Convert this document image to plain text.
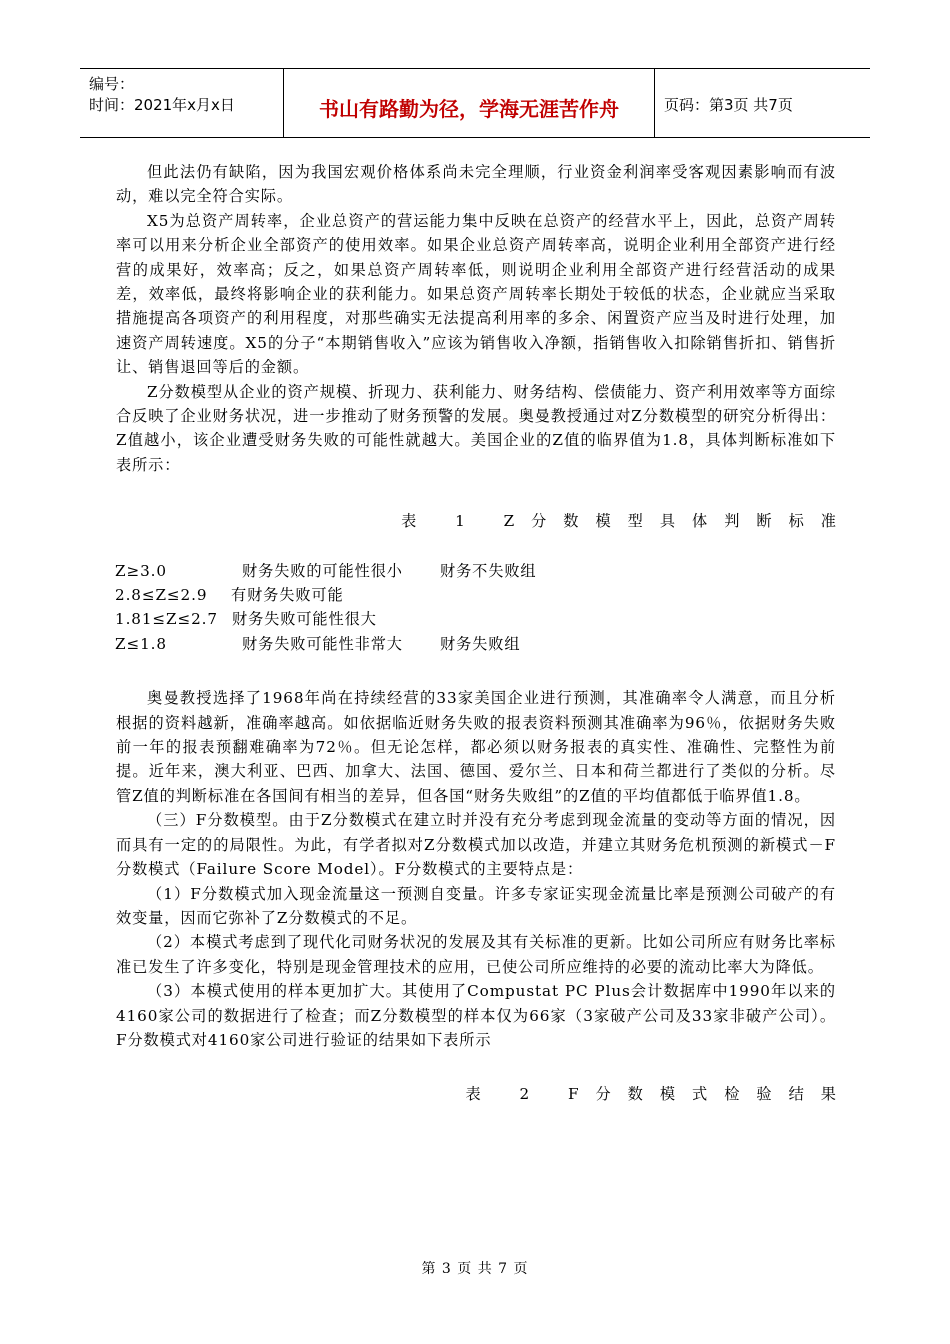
编号：
时间：2021年x月x日	书山有路勤为径，学海无涯苦作舟	页码：第3页 共7页

但此法仍有缺陷，因为我国宏观价格体系尚未完全理顺，行业资金利润率受客观因素影响而有波动，难以完全符合实际。

X5为总资产周转率，企业总资产的营运能力集中反映在总资产的经营水平上，因此，总资产周转率可以用来分析企业全部资产的使用效率。如果企业总资产周转率高，说明企业利用全部资产进行经营的成果好，效率高；反之，如果总资产周转率低，则说明企业利用全部资产进行经营活动的成果差，效率低，最终将影响企业的获利能力。如果总资产周转率长期处于较低的状态，企业就应当采取措施提高各项资产的利用程度，对那些确实无法提高利用率的多余、闲置资产应当及时进行处理，加速资产周转速度。X5的分子“本期销售收入”应该为销售收入净额，指销售收入扣除销售折扣、销售折让、销售退回等后的金额。

Z分数模型从企业的资产规模、折现力、获利能力、财务结构、偿债能力、资产利用效率等方面综合反映了企业财务状况，进一步推动了财务预警的发展。奥曼教授通过对Z分数模型的研究分析得出：Z值越小，该企业遭受财务失败的可能性就越大。美国企业的Z值的临界值为1.8，具体判断标准如下表所示：

表 1 Z分数模型具体判断标准

Z≥3.0	财务失败的可能性很小 财务不失败组
2.8≤Z≤2.9 有财务失败可能
1.81≤Z≤2.7 财务失败可能性很大
Z≤1.8	财务失败可能性非常大 财务失败组

奥曼教授选择了1968年尚在持续经营的33家美国企业进行预测，其准确率令人满意，而且分析根据的资料越新，准确率越高。如依据临近财务失败的报表资料预测其准确率为96％，依据财务失败前一年的报表预翻难确率为72％。但无论怎样，都必须以财务报表的真实性、准确性、完整性为前提。近年来，澳大利亚、巴西、加拿大、法国、德国、爱尔兰、日本和荷兰都进行了类似的分析。尽管Z值的判断标准在各国间有相当的差异，但各国“财务失败组”的Z值的平均值都低于临界值1.8。

（三）F分数模型。由于Z分数模式在建立时并没有充分考虑到现金流量的变动等方面的情况，因而具有一定的的局限性。为此，有学者拟对Z分数模式加以改造，并建立其财务危机预测的新模式－F分数模式（Failure Score Model）。F分数模式的主要特点是：

（1）F分数模式加入现金流量这一预测自变量。许多专家证实现金流量比率是预测公司破产的有效变量，因而它弥补了Z分数模式的不足。

（2）本模式考虑到了现代化司财务状况的发展及其有关标准的更新。比如公司所应有财务比率标准已发生了许多变化，特别是现金管理技术的应用，已使公司所应维持的必要的流动比率大为降低。

（3）本模式使用的样本更加扩大。其使用了Compustat PC Plus会计数据库中1990年以来的4160家公司的数据进行了检查；而Z分数模型的样本仅为66家（3家破产公司及33家非破产公司）。F分数模式对4160家公司进行验证的结果如下表所示

表 2 F分数模式检验结果

第 3 页 共 7 页
